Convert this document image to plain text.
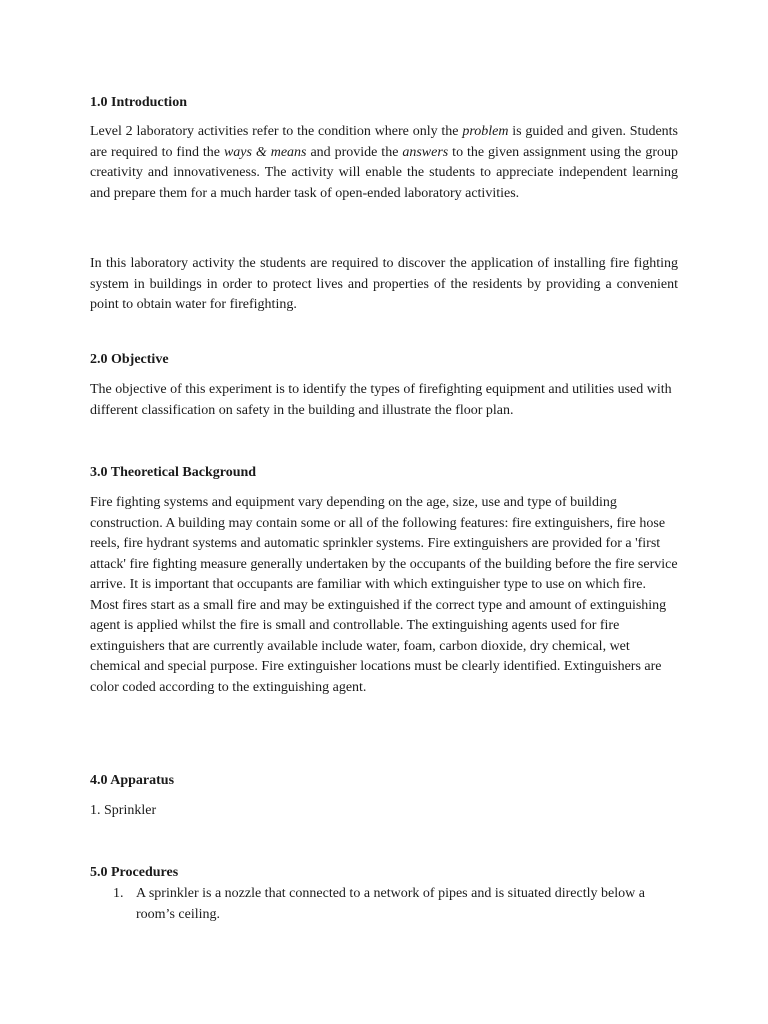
1.0 Introduction

Level 2 laboratory activities refer to the condition where only the problem is guided and given. Students are required to find the ways & means and provide the answers to the given assignment using the group creativity and innovativeness. The activity will enable the students to appreciate independent learning and prepare them for a much harder task of open-ended laboratory activities.

In this laboratory activity the students are required to discover the application of installing fire fighting system in buildings in order to protect lives and properties of the residents by providing a convenient point to obtain water for firefighting.

2.0 Objective

The objective of this experiment is to identify the types of firefighting equipment and utilities used with different classification on safety in the building and illustrate the floor plan.

3.0 Theoretical Background

Fire fighting systems and equipment vary depending on the age, size, use and type of building construction. A building may contain some or all of the following features: fire extinguishers, fire hose reels, fire hydrant systems and automatic sprinkler systems. Fire extinguishers are provided for a 'first attack' fire fighting measure generally undertaken by the occupants of the building before the fire service arrive. It is important that occupants are familiar with which extinguisher type to use on which fire. Most fires start as a small fire and may be extinguished if the correct type and amount of extinguishing agent is applied whilst the fire is small and controllable. The extinguishing agents used for fire extinguishers that are currently available include water, foam, carbon dioxide, dry chemical, wet chemical and special purpose. Fire extinguisher locations must be clearly identified. Extinguishers are color coded according to the extinguishing agent.

4.0 Apparatus

1. Sprinkler

5.0 Procedures
1. A sprinkler is a nozzle that connected to a network of pipes and is situated directly below a room’s ceiling.
